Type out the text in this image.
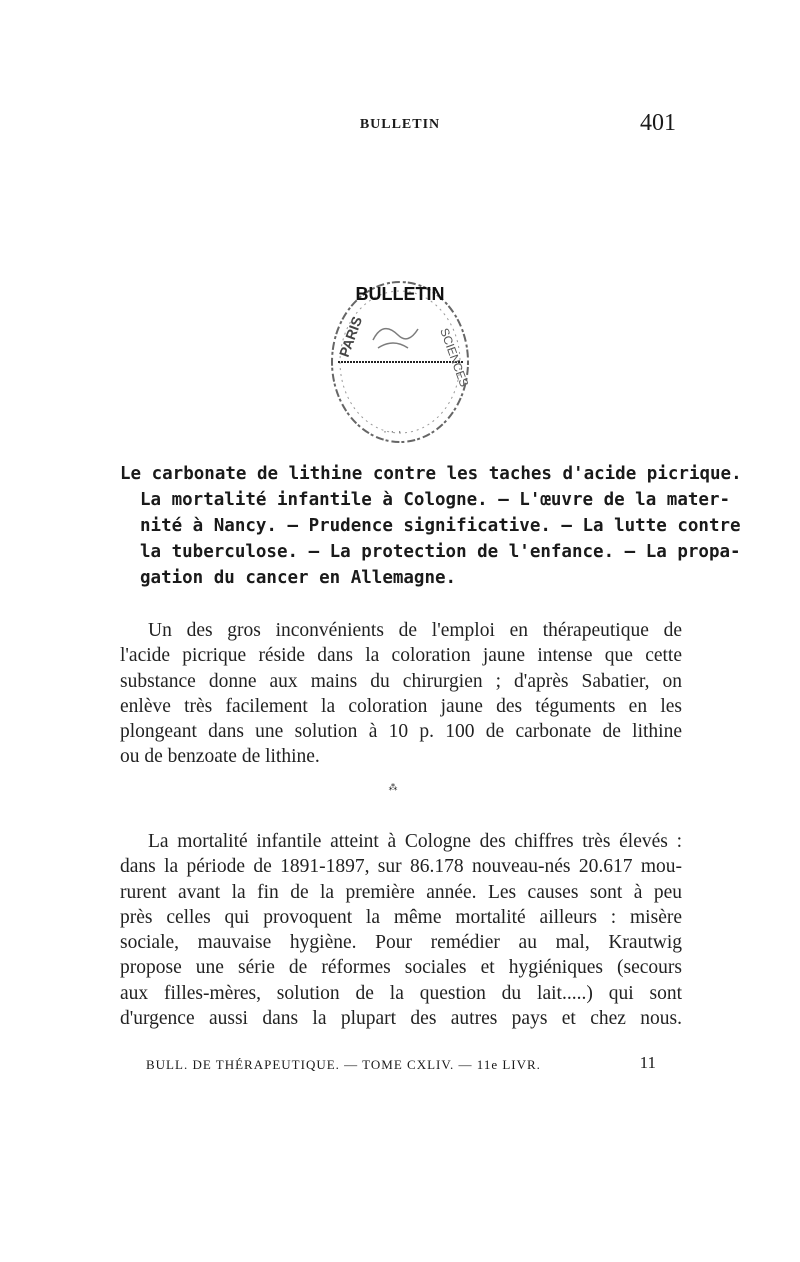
BULLETIN	401
PARIS	SCIENCES
· · ·
BULLETIN
Le carbonate de lithine contre les taches d'acide picrique.
La mortalité infantile à Cologne. — L'œuvre de la mater-
nité à Nancy. — Prudence significative. — La lutte contre
la tuberculose. — La protection de l'enfance. — La propa-
gation du cancer en Allemagne.
Un des gros inconvénients de l'emploi en thérapeutique de
l'acide picrique réside dans la coloration jaune intense que cette
substance donne aux mains du chirurgien ; d'après Sabatier, on
enlève très facilement la coloration jaune des téguments en les
plongeant dans une solution à 10 p. 100 de carbonate de lithine
ou de benzoate de lithine.
⁂
La mortalité infantile atteint à Cologne des chiffres très élevés :
dans la période de 1891-1897, sur 86.178 nouveau-nés 20.617 mou-
rurent avant la fin de la première année. Les causes sont à peu
près celles qui provoquent la même mortalité ailleurs : misère
sociale, mauvaise hygiène. Pour remédier au mal, Krautwig
propose une série de réformes sociales et hygiéniques (secours
aux filles-mères, solution de la question du lait.....) qui sont
d'urgence aussi dans la plupart des autres pays et chez nous.
BULL. DE THÉRAPEUTIQUE. — TOME CXLIV. — 11e LIVR.	11
